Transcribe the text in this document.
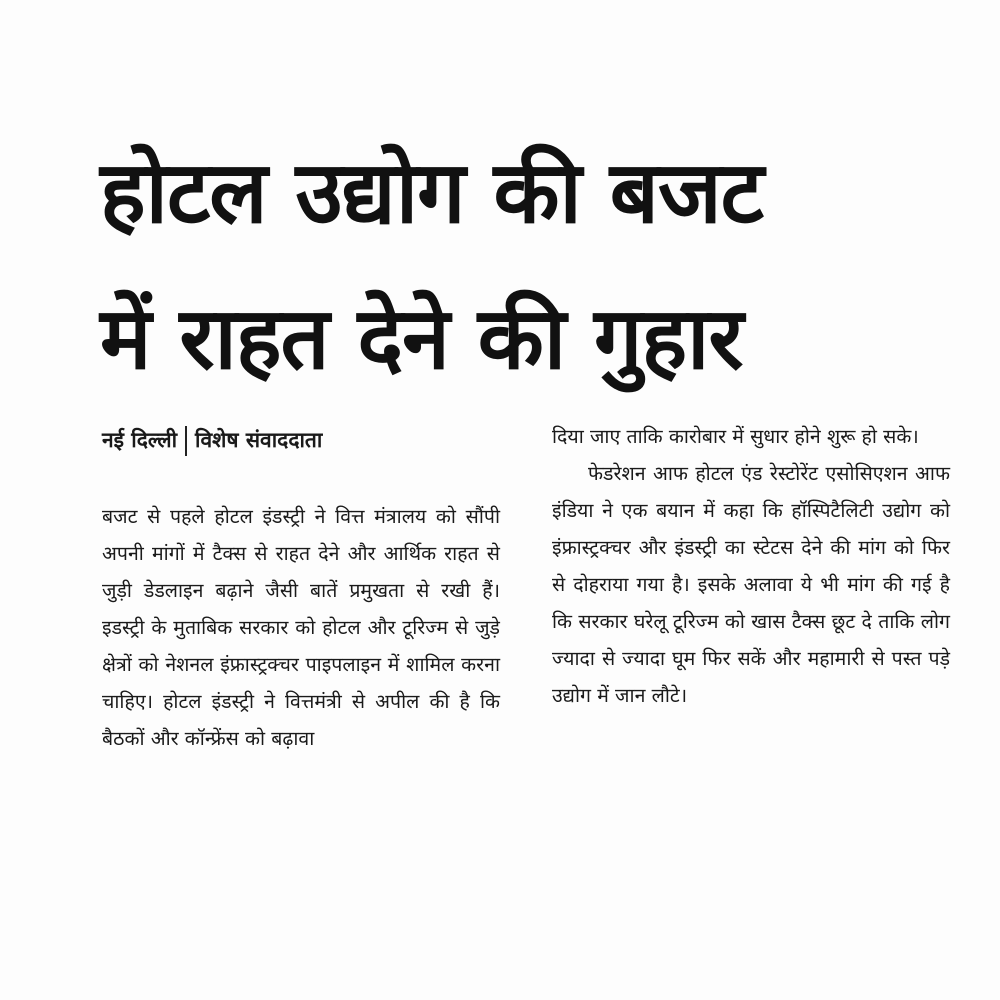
होटल उद्योग की बजट
में राहत देने की गुहार
नई दिल्ली विशेष संवाददाता

बजट से पहले होटल इंडस्ट्री ने वित्त मंत्रालय को सौंपी अपनी मांगों में टैक्स से राहत देने और आर्थिक राहत से जुड़ी डेडलाइन बढ़ाने जैसी बातें प्रमुखता से रखी हैं। इडस्ट्री के मुताबिक सरकार को होटल और टूरिज्म से जुड़े क्षेत्रों को नेशनल इंफ्रास्ट्रक्चर पाइपलाइन में शामिल करना चाहिए। होटल इंडस्ट्री ने वित्तमंत्री से अपील की है कि बैठकों और कॉन्फ्रेंस को बढ़ावा

दिया जाए ताकि कारोबार में सुधार होने शुरू हो सके।

फेडरेशन आफ होटल एंड रेस्टोरेंट एसोसिएशन आफ इंडिया ने एक बयान में कहा कि हॉस्पिटैलिटी उद्योग को इंफ्रास्ट्रक्चर और इंडस्ट्री का स्टेटस देने की मांग को फिर से दोहराया गया है। इसके अलावा ये भी मांग की गई है कि सरकार घरेलू टूरिज्म को खास टैक्स छूट दे ताकि लोग ज्यादा से ज्यादा घूम फिर सकें और महामारी से पस्त पड़े उद्योग में जान लौटे।
